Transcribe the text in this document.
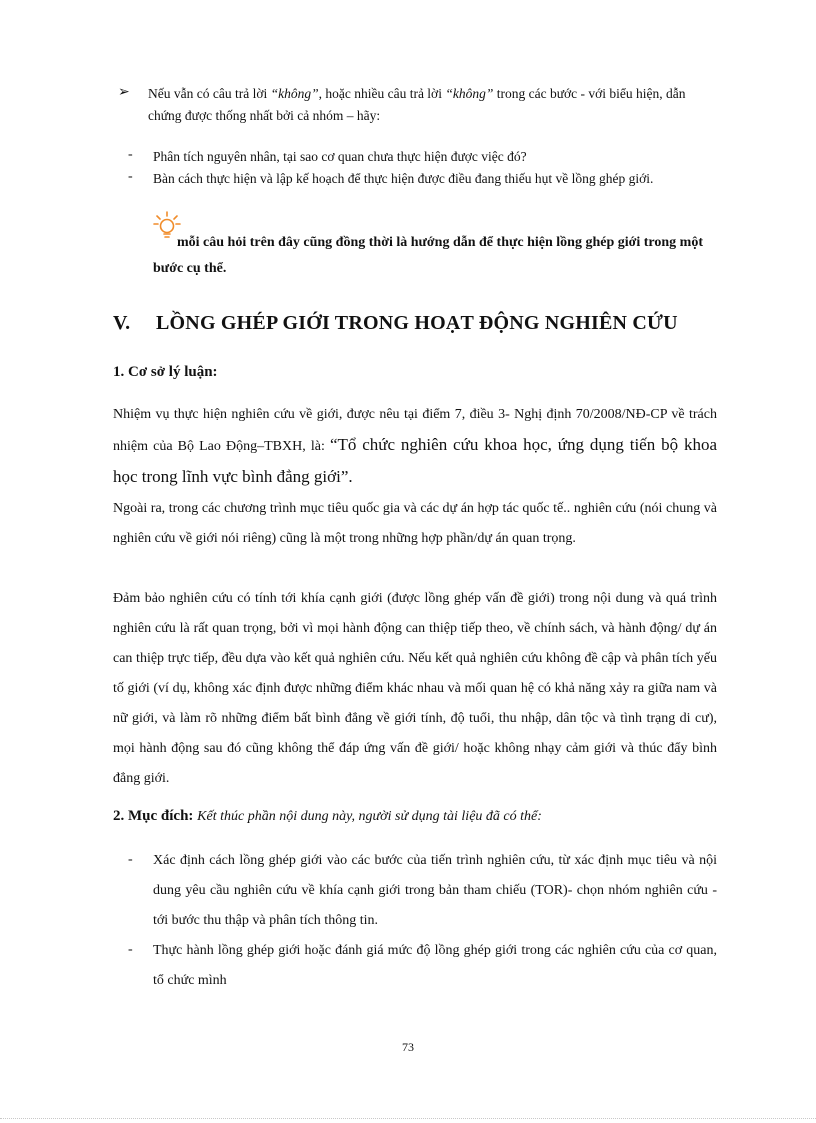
➢ Nếu vẫn có câu trả lời “không”, hoặc nhiều câu trả lời “không” trong các bước - với biểu hiện, dẫn chứng được thống nhất bởi cả nhóm – hãy:
- Phân tích nguyên nhân, tại sao cơ quan chưa thực hiện được việc đó?
- Bàn cách thực hiện và lập kế hoạch để thực hiện được điều đang thiếu hụt về lồng ghép giới.
mỗi câu hỏi trên đây cũng đồng thời là hướng dẫn để thực hiện lồng ghép giới trong một bước cụ thể.
V. LỒNG GHÉP GIỚI TRONG HOẠT ĐỘNG NGHIÊN CỨU
1. Cơ sở lý luận:
Nhiệm vụ thực hiện nghiên cứu về giới, được nêu tại điểm 7, điều 3- Nghị định 70/2008/NĐ-CP về trách nhiệm của Bộ Lao Động–TBXH, là: “Tổ chức nghiên cứu khoa học, ứng dụng tiến bộ khoa học trong lĩnh vực bình đẳng giới”.
Ngoài ra, trong các chương trình mục tiêu quốc gia và các dự án hợp tác quốc tế.. nghiên cứu (nói chung và nghiên cứu về giới nói riêng) cũng là một trong những hợp phần/dự án quan trọng.
Đảm bảo nghiên cứu có tính tới khía cạnh giới (được lồng ghép vấn đề giới) trong nội dung và quá trình nghiên cứu là rất quan trọng, bởi vì mọi hành động can thiệp tiếp theo, về chính sách, và hành động/ dự án can thiệp trực tiếp, đều dựa vào kết quả nghiên cứu. Nếu kết quả nghiên cứu không đề cập và phân tích yếu tố giới (ví dụ, không xác định được những điểm khác nhau và mối quan hệ có khả năng xảy ra giữa nam và nữ giới, và làm rõ những điểm bất bình đẳng về giới tính, độ tuổi, thu nhập, dân tộc và tình trạng di cư), mọi hành động sau đó cũng không thể đáp ứng vấn đề giới/ hoặc không nhạy cảm giới và thúc đẩy bình đẳng giới.
2. Mục đích: Kết thúc phần nội dung này, người sử dụng tài liệu đã có thể:
- Xác định cách lồng ghép giới vào các bước của tiến trình nghiên cứu, từ xác định mục tiêu và nội dung yêu cầu nghiên cứu về khía cạnh giới trong bản tham chiếu (TOR)- chọn nhóm nghiên cứu - tới bước thu thập và phân tích thông tin.
- Thực hành lồng ghép giới hoặc đánh giá mức độ lồng ghép giới trong các nghiên cứu của cơ quan, tổ chức mình
73
